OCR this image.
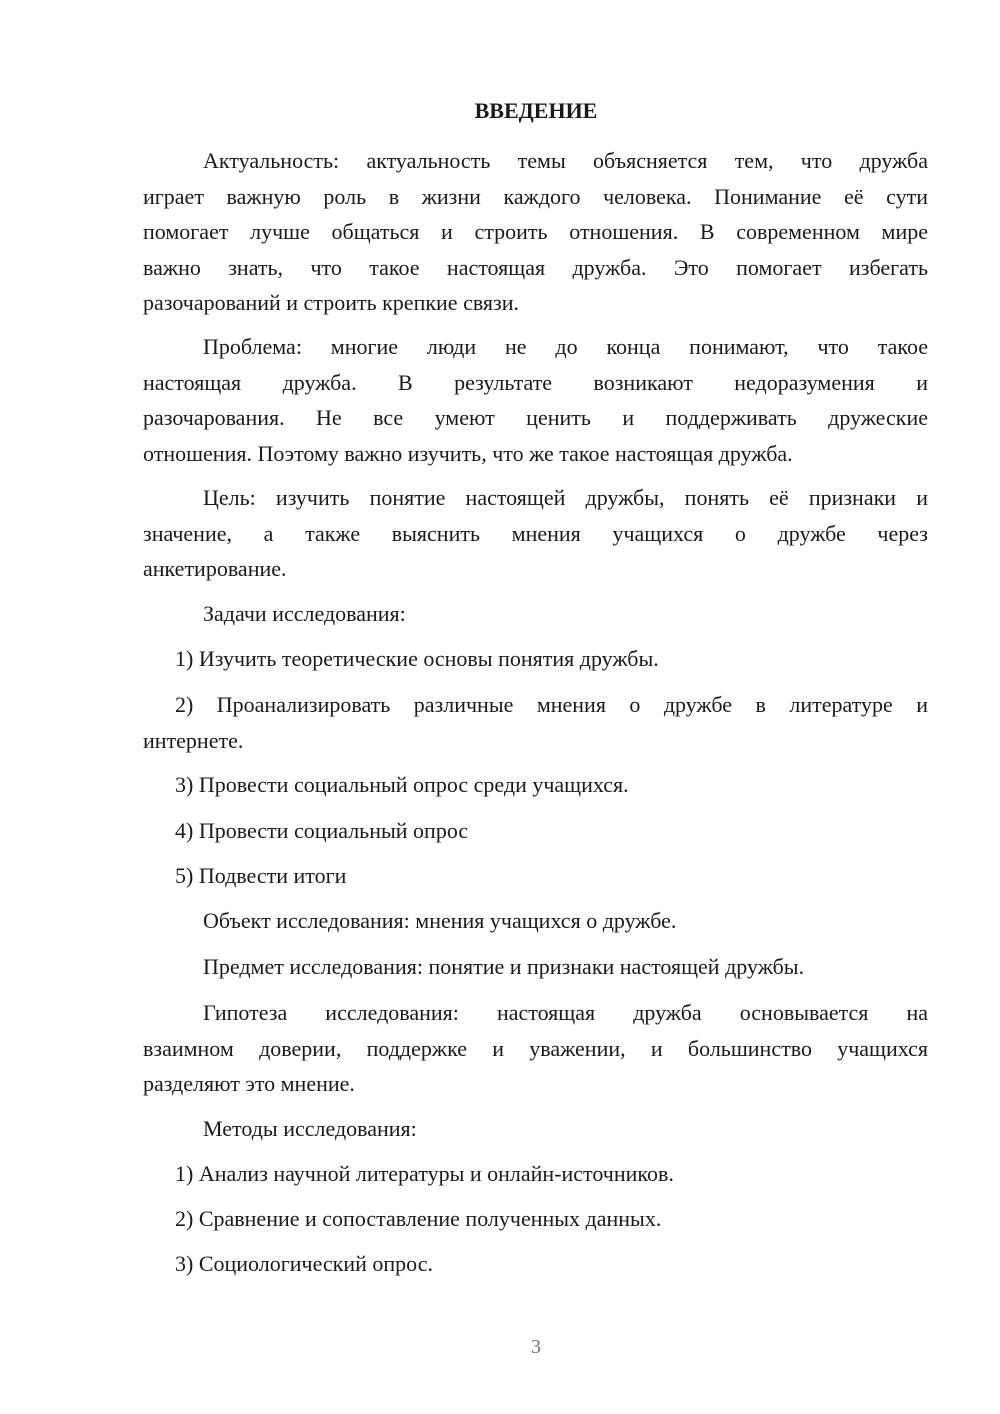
ВВЕДЕНИЕ
Актуальность: актуальность темы объясняется тем, что дружба
играет важную роль в жизни каждого человека. Понимание её сути
помогает лучше общаться и строить отношения. В современном мире
важно знать, что такое настоящая дружба. Это помогает избегать
разочарований и строить крепкие связи.
Проблема: многие люди не до конца понимают, что такое
настоящая дружба. В результате возникают недоразумения и
разочарования. Не все умеют ценить и поддерживать дружеские
отношения. Поэтому важно изучить, что же такое настоящая дружба.
Цель: изучить понятие настоящей дружбы, понять её признаки и
значение, а также выяснить мнения учащихся о дружбе через
анкетирование.
Задачи исследования:
1) Изучить теоретические основы понятия дружбы.
2) Проанализировать различные мнения о дружбе в литературе и
интернете.
3) Провести социальный опрос среди учащихся.
4) Провести социальный опрос
5) Подвести итоги
Объект исследования: мнения учащихся о дружбе.
Предмет исследования: понятие и признаки настоящей дружбы.
Гипотеза исследования: настоящая дружба основывается на
взаимном доверии, поддержке и уважении, и большинство учащихся
разделяют это мнение.
Методы исследования:
1) Анализ научной литературы и онлайн-источников.
2) Сравнение и сопоставление полученных данных.
3) Социологический опрос.
3
